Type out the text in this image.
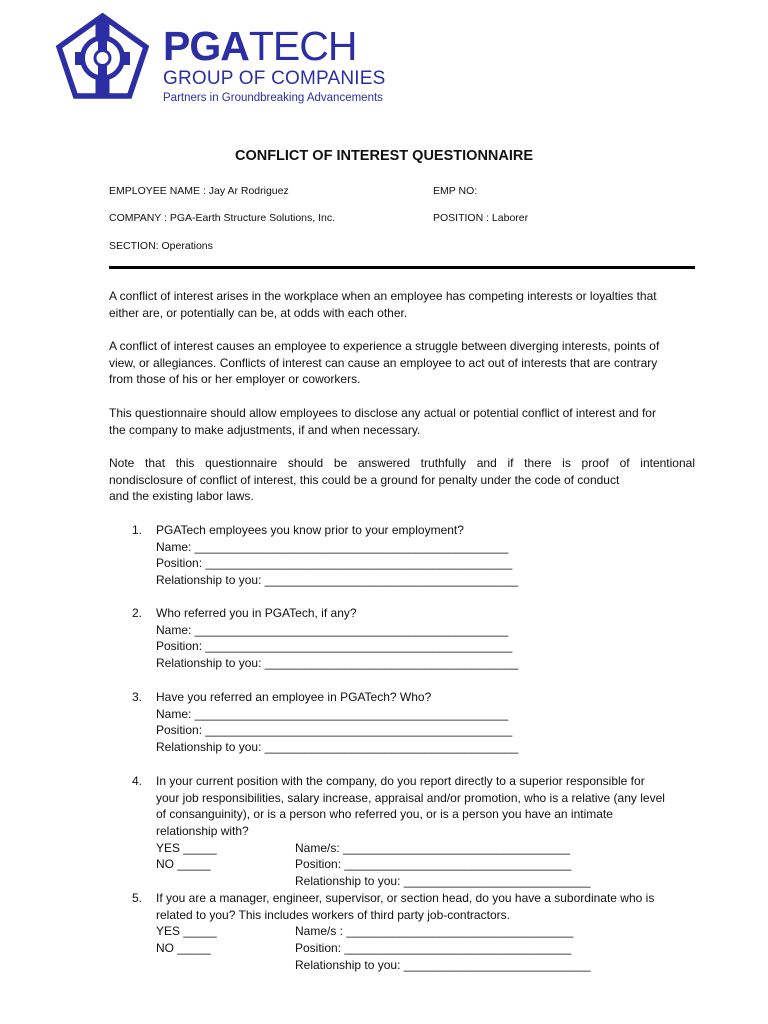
PGATECH
GROUP OF COMPANIES
Partners in Groundbreaking Advancements
CONFLICT OF INTEREST QUESTIONNAIRE
EMPLOYEE NAME : Jay Ar Rodriguez	EMP NO:
COMPANY : PGA-Earth Structure Solutions, Inc.	POSITION : Laborer
SECTION: Operations
A conflict of interest arises in the workplace when an employee has competing interests or loyalties that
either are, or potentially can be, at odds with each other.
A conflict of interest causes an employee to experience a struggle between diverging interests, points of
view, or allegiances. Conflicts of interest can cause an employee to act out of interests that are contrary
from those of his or her employer or coworkers.
This questionnaire should allow employees to disclose any actual or potential conflict of interest and for
the company to make adjustments, if and when necessary.
Note that this questionnaire should be answered truthfully and if there is proof of intentional
nondisclosure of conflict of interest, this could be a ground for penalty under the code of conduct
and the existing labor laws.
1. PGATech employees you know prior to your employment?
Name: _______________________________________________
Position: ______________________________________________
Relationship to you: ______________________________________
2. Who referred you in PGATech, if any?
Name: _______________________________________________
Position: ______________________________________________
Relationship to you: ______________________________________
3. Have you referred an employee in PGATech? Who?
Name: _______________________________________________
Position: ______________________________________________
Relationship to you: ______________________________________
4. In your current position with the company, do you report directly to a superior responsible for
your job responsibilities, salary increase, appraisal and/or promotion, who is a relative (any level
of consanguinity), or is a person who referred you, or is a person you have an intimate
relationship with?
YES _____	Name/s: __________________________________
NO _____	Position: __________________________________
Relationship to you: ____________________________
5. If you are a manager, engineer, supervisor, or section head, do you have a subordinate who is
related to you? This includes workers of third party job-contractors.
YES _____	Name/s : __________________________________
NO _____	Position: __________________________________
Relationship to you: ____________________________
